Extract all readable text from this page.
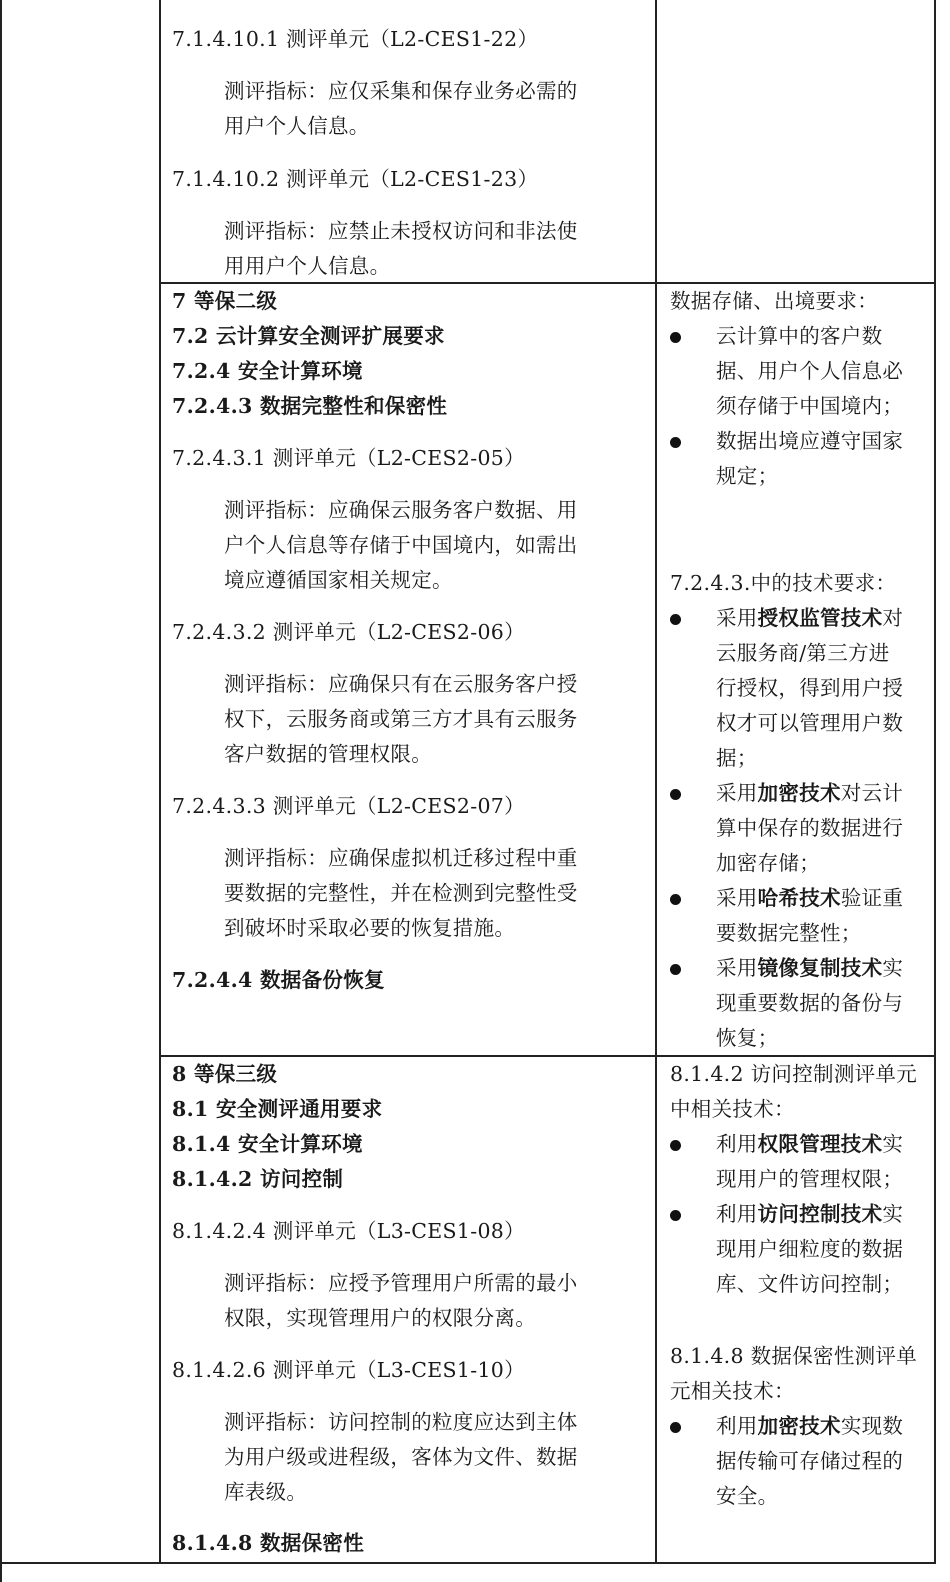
7.1.4.10.1 测评单元（L2-CES1-22）
测评指标：应仅采集和保存业务必需的
用户个人信息。
7.1.4.10.2 测评单元（L2-CES1-23）
测评指标：应禁止未授权访问和非法使
用用户个人信息。
7 等保二级
7.2 云计算安全测评扩展要求
7.2.4 安全计算环境
7.2.4.3 数据完整性和保密性
7.2.4.3.1 测评单元（L2-CES2-05）
测评指标：应确保云服务客户数据、用
户个人信息等存储于中国境内，如需出
境应遵循国家相关规定。
7.2.4.3.2 测评单元（L2-CES2-06）
测评指标：应确保只有在云服务客户授
权下，云服务商或第三方才具有云服务
客户数据的管理权限。
7.2.4.3.3 测评单元（L2-CES2-07）
测评指标：应确保虚拟机迁移过程中重
要数据的完整性，并在检测到完整性受
到破坏时采取必要的恢复措施。
7.2.4.4 数据备份恢复
数据存储、出境要求：
云计算中的客户数
据、用户个人信息必
须存储于中国境内；
数据出境应遵守国家
规定；
7.2.4.3.中的技术要求：
采用授权监管技术对
云服务商/第三方进
行授权，得到用户授
权才可以管理用户数
据；
采用加密技术对云计
算中保存的数据进行
加密存储；
采用哈希技术验证重
要数据完整性；
采用镜像复制技术实
现重要数据的备份与
恢复；
8 等保三级
8.1 安全测评通用要求
8.1.4 安全计算环境
8.1.4.2 访问控制
8.1.4.2.4 测评单元（L3-CES1-08）
测评指标：应授予管理用户所需的最小
权限，实现管理用户的权限分离。
8.1.4.2.6 测评单元（L3-CES1-10）
测评指标：访问控制的粒度应达到主体
为用户级或进程级，客体为文件、数据
库表级。
8.1.4.8 数据保密性
8.1.4.2 访问控制测评单元
中相关技术：
利用权限管理技术实
现用户的管理权限；
利用访问控制技术实
现用户细粒度的数据
库、文件访问控制；
8.1.4.8 数据保密性测评单
元相关技术：
利用加密技术实现数
据传输可存储过程的
安全。
